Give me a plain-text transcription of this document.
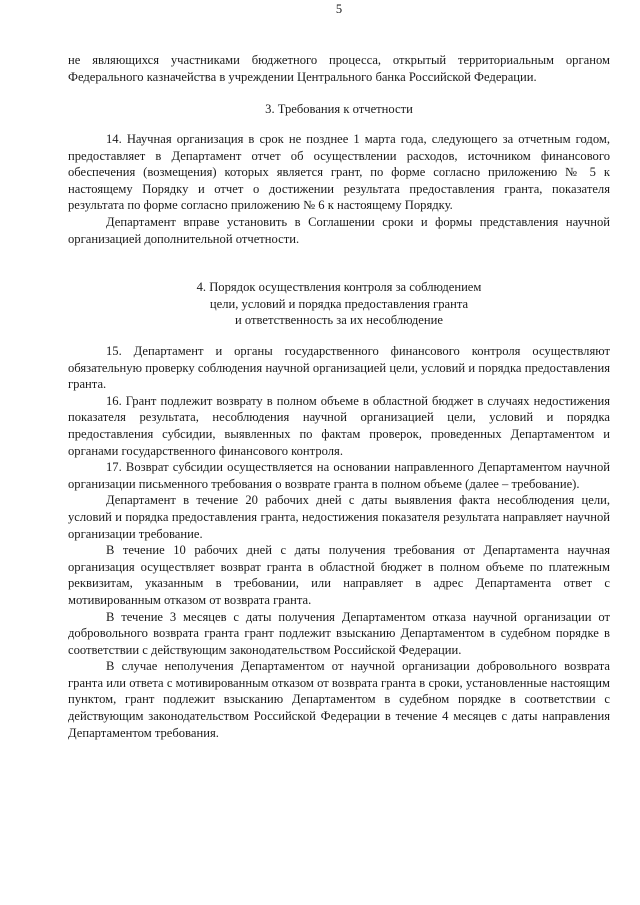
5

не являющихся участниками бюджетного процесса, открытый территориальным органом Федерального казначейства в учреждении Центрального банка Российской Федерации.

3. Требования к отчетности

14. Научная организация в срок не позднее 1 марта года, следующего за отчетным годом, предоставляет в Департамент отчет об осуществлении расходов, источником финансового обеспечения (возмещения) которых является грант, по форме согласно приложению № 5 к настоящему Порядку и отчет о достижении результата предоставления гранта, показателя результата по форме согласно приложению № 6 к настоящему Порядку.

Департамент вправе установить в Соглашении сроки и формы представления научной организацией дополнительной отчетности.

4. Порядок осуществления контроля за соблюдением
цели, условий и порядка предоставления гранта
и ответственность за их несоблюдение

15. Департамент и органы государственного финансового контроля осуществляют обязательную проверку соблюдения научной организацией цели, условий и порядка предоставления гранта.

16. Грант подлежит возврату в полном объеме в областной бюджет в случаях недостижения показателя результата, несоблюдения научной организацией цели, условий и порядка предоставления субсидии, выявленных по фактам проверок, проведенных Департаментом и органами государственного финансового контроля.

17. Возврат субсидии осуществляется на основании направленного Департаментом научной организации письменного требования о возврате гранта в полном объеме (далее – требование).

Департамент в течение 20 рабочих дней с даты выявления факта несоблюдения цели, условий и порядка предоставления гранта, недостижения показателя результата направляет научной организации требование.

В течение 10 рабочих дней с даты получения требования от Департамента научная организация осуществляет возврат гранта в областной бюджет в полном объеме по платежным реквизитам, указанным в требовании, или направляет в адрес Департамента ответ с мотивированным отказом от возврата гранта.

В течение 3 месяцев с даты получения Департаментом отказа научной организации от добровольного возврата гранта грант подлежит взысканию Департаментом в судебном порядке в соответствии с действующим законодательством Российской Федерации.

В случае неполучения Департаментом от научной организации добровольного возврата гранта или ответа с мотивированным отказом от возврата гранта в сроки, установленные настоящим пунктом, грант подлежит взысканию Департаментом в судебном порядке в соответствии с действующим законодательством Российской Федерации в течение 4 месяцев с даты направления Департаментом требования.
